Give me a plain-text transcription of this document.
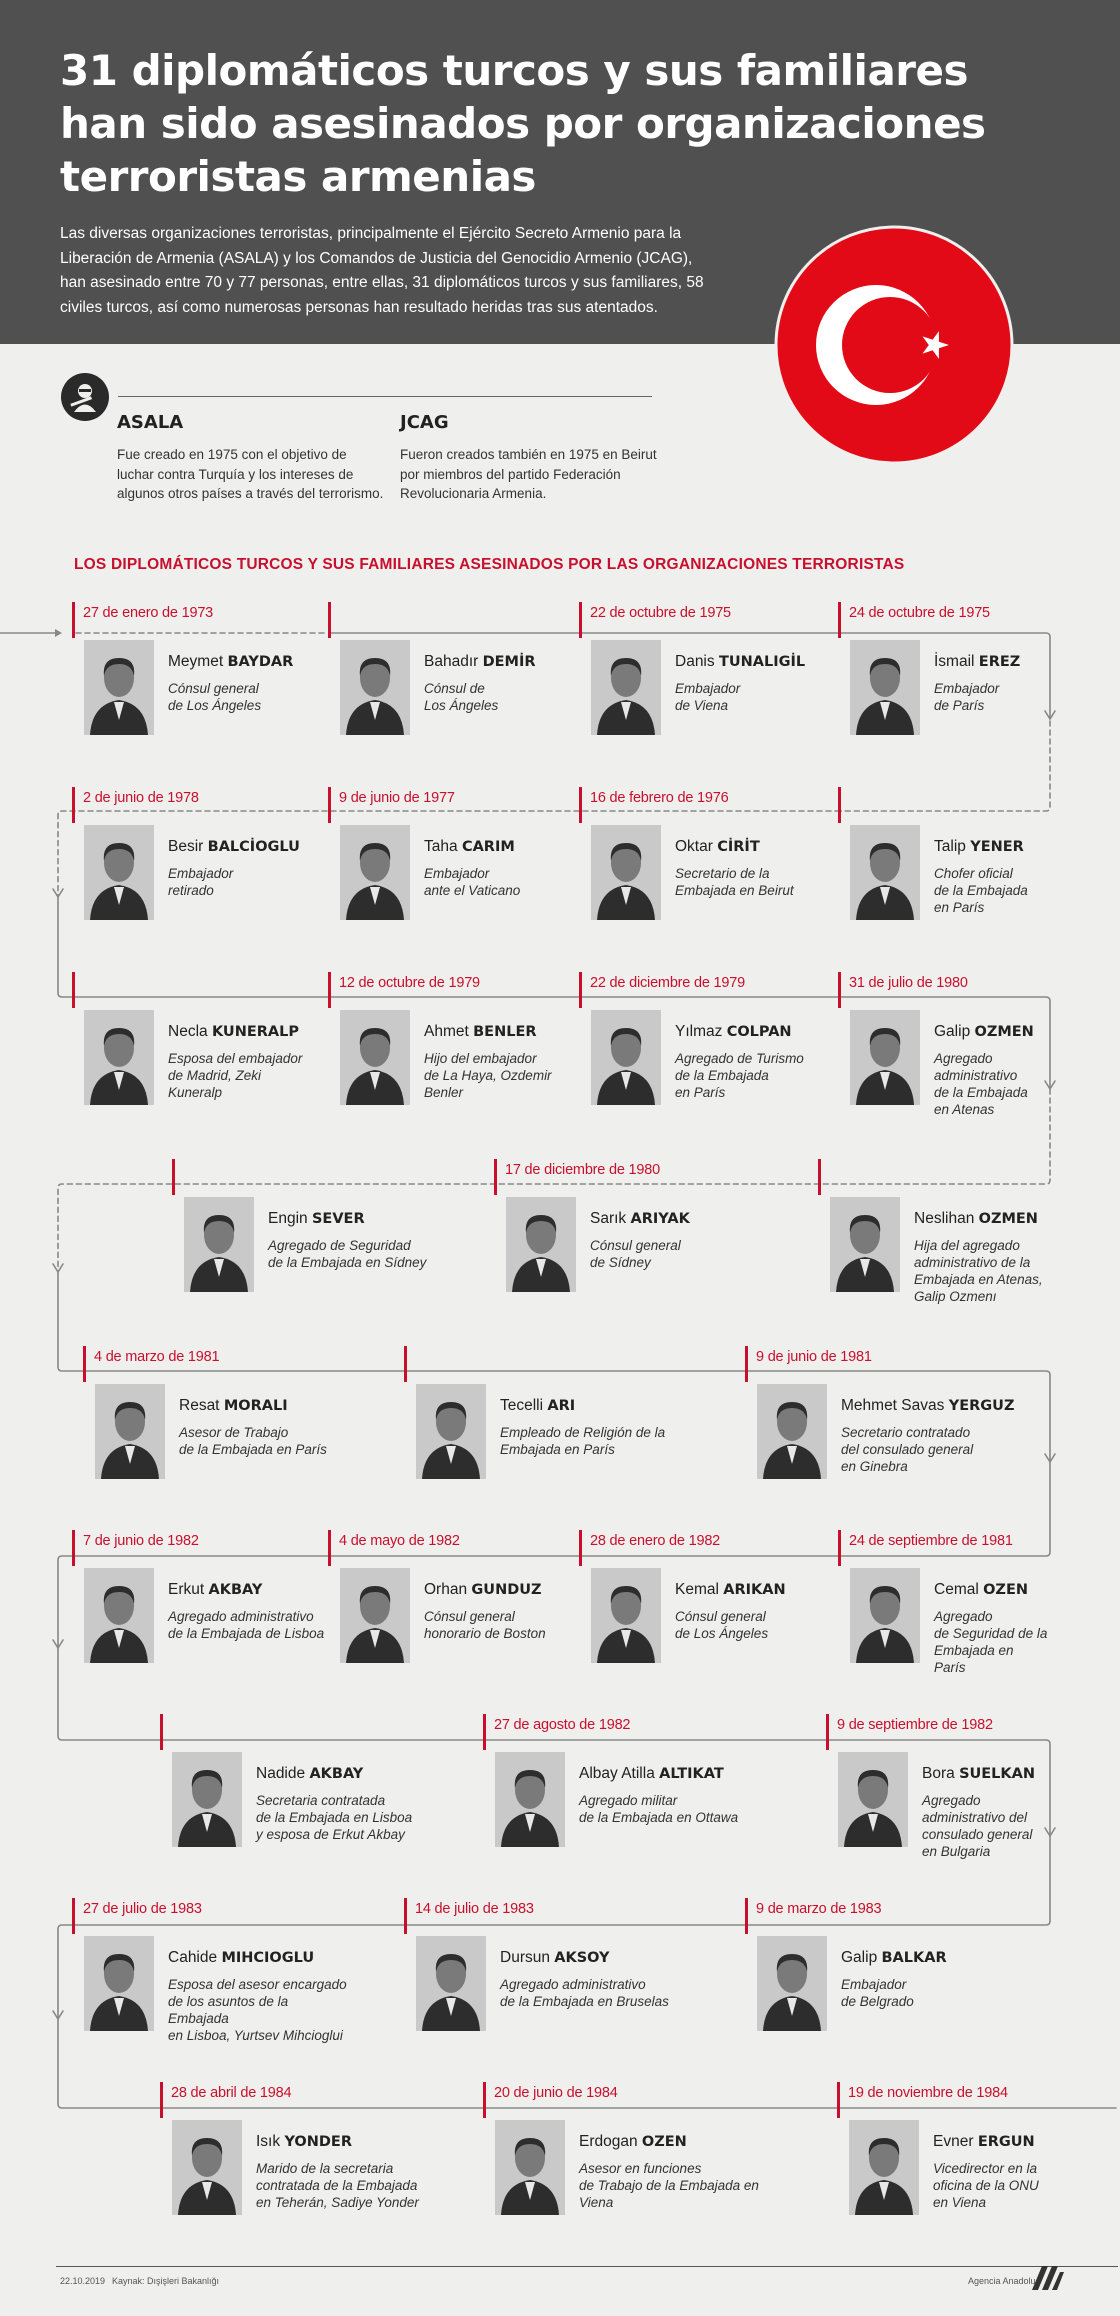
31 diplomáticos turcos y sus familiares han sido asesinados por organizaciones terroristas armenias

Las diversas organizaciones terroristas, principalmente el Ejército Secreto Armenio para la Liberación de Armenia (ASALA) y los Comandos de Justicia del Genocidio Armenio (JCAG), han asesinado entre 70 y 77 personas, entre ellas, 31 diplomáticos turcos y sus familiares, 58 civiles turcos, así como numerosas personas han resultado heridas tras sus atentados.

ASALA

Fue creado en 1975 con el objetivo de luchar contra Turquía y los intereses de algunos otros países a través del terrorismo.

JCAG

Fueron creados también en 1975 en Beirut por miembros del partido Federación Revolucionaria Armenia.

LOS DIPLOMÁTICOS TURCOS Y SUS FAMILIARES ASESINADOS POR LAS ORGANIZACIONES TERRORISTAS
27 de enero de 1973
Meymet BAYDAR
Cónsul general
de Los Ángeles
Bahadır DEMİR
Cónsul de
Los Ángeles
22 de octubre de 1975
Danis TUNALIGİL
Embajador
de Viena
24 de octubre de 1975
İsmail EREZ
Embajador
de París
2 de junio de 1978
Besir BALCİOGLU
Embajador
retirado
9 de junio de 1977
Taha CARIM
Embajador
ante el Vaticano
16 de febrero de 1976
Oktar CİRİT
Secretario de la
Embajada en Beirut
Talip YENER
Chofer oficial
de la Embajada
en París
Necla KUNERALP
Esposa del embajador
de Madrid, Zeki
Kuneralp
12 de octubre de 1979
Ahmet BENLER
Hijo del embajador
de La Haya, Ozdemir
Benler
22 de diciembre de 1979
Yılmaz COLPAN
Agregado de Turismo
de la Embajada
en París
31 de julio de 1980
Galip OZMEN
Agregado
administrativo
de la Embajada
en Atenas
Engin SEVER
Agregado de Seguridad
de la Embajada en Sídney
17 de diciembre de 1980
Sarık ARIYAK
Cónsul general
de Sídney
Neslihan OZMEN
Hija del agregado
administrativo de la
Embajada en Atenas,
Galip Ozmenı
4 de marzo de 1981
Resat MORALI
Asesor de Trabajo
de la Embajada en París
Tecelli ARI
Empleado de Religión de la
Embajada en París
9 de junio de 1981
Mehmet Savas YERGUZ
Secretario contratado
del consulado general
en Ginebra
7 de junio de 1982
Erkut AKBAY
Agregado administrativo
de la Embajada de Lisboa
4 de mayo de 1982
Orhan GUNDUZ
Cónsul general
honorario de Boston
28 de enero de 1982
Kemal ARIKAN
Cónsul general
de Los Ángeles
24 de septiembre de 1981
Cemal OZEN
Agregado
de Seguridad de la
Embajada en
París
Nadide AKBAY
Secretaria contratada
de la Embajada en Lisboa
y esposa de Erkut Akbay
27 de agosto de 1982
Albay Atilla ALTIKAT
Agregado militar
de la Embajada en Ottawa
9 de septiembre de 1982
Bora SUELKAN
Agregado
administrativo del
consulado general
en Bulgaria
27 de julio de 1983
Cahide MIHCIOGLU
Esposa del asesor encargado
de los asuntos de la Embajada
en Lisboa, Yurtsev Mihcioglui
14 de julio de 1983
Dursun AKSOY
Agregado administrativo
de la Embajada en Bruselas
9 de marzo de 1983
Galip BALKAR
Embajador
de Belgrado
28 de abril de 1984
Isık YONDER
Marido de la secretaria
contratada de la Embajada
en Teherán, Sadiye Yonder
20 de junio de 1984
Erdogan OZEN
Asesor en funciones
de Trabajo de la Embajada en
Viena
19 de noviembre de 1984
Evner ERGUN
Vicedirector en la
oficina de la ONU
en Viena
22.10.2019 Kaynak: Dışişleri Bakanlığı	Agencia Anadolu
